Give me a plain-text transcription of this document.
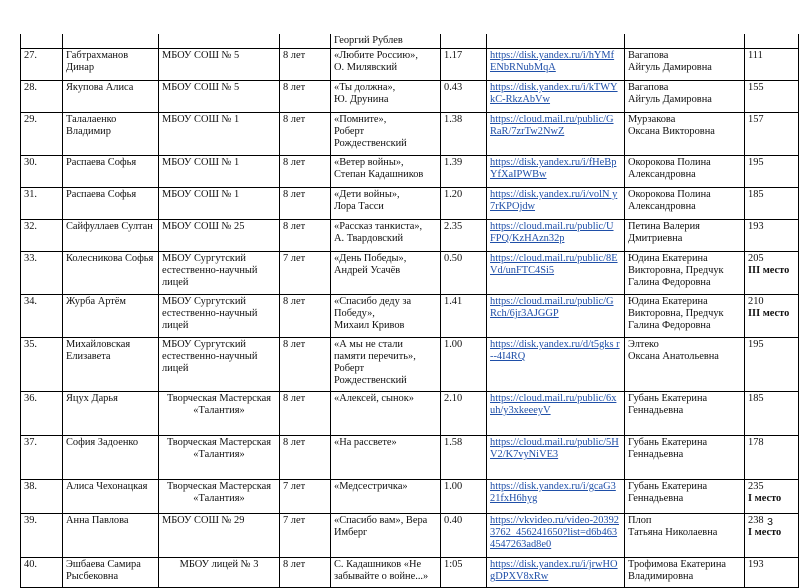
				Георгий Рублев				
27.	Габтрахманов Динар	МБОУ СОШ № 5	8 лет	«Любите Россию»,
О. Милявский	1.17	https://disk.yandex.ru/i/hYMf ENbRNubMqA	Вагапова
Айгуль Дамировна	111
28.	Якупова Алиса	МБОУ СОШ № 5	8 лет	«Ты должна»,
Ю. Друнина	0.43	https://disk.yandex.ru/i/kTWY kC-RkzAbVw	Вагапова
Айгуль Дамировна	155
29.	Талалаенко Владимир	МБОУ СОШ № 1	8 лет	«Помните»,
Роберт
Рождественский	1.38	https://cloud.mail.ru/public/G RaR/7zrTw2NwZ	Мурзакова
Оксана Викторовна	157
30.	Распаева Софья	МБОУ СОШ № 1	8 лет	«Ветер войны»,
Степан Кадашников	1.39	https://disk.yandex.ru/i/fHeBp YfXaIPWBw	Окорокова Полина
Александровна	195
31.	Распаева Софья	МБОУ СОШ № 1	8 лет	«Дети войны»,
Лора Тасси	1.20	https://disk.yandex.ru/i/volN y7rKPOjdw	Окорокова Полина
Александровна	185
32.	Сайфуллаев Султан	МБОУ СОШ № 25	8 лет	«Рассказ танкиста»,
А. Твардовский	2.35	https://cloud.mail.ru/public/U FPQ/KzHAzn32p	Петина Валерия
Дмитриевна	193
33.	Колесникова Софья	МБОУ Сургутский естественно-научный лицей	7 лет	«День Победы»,
Андрей Усачёв	0.50	https://cloud.mail.ru/public/8E Vd/unFTC4Si5	Юдина Екатерина
Викторовна, Предчук
Галина Федоровна	205
III место
34.	Журба Артём	МБОУ Сургутский естественно-научный лицей	8 лет	«Спасибо деду за
Победу»,
Михаил Кривов	1.41	https://cloud.mail.ru/public/G Rch/6jr3AJGGP	Юдина Екатерина
Викторовна, Предчук
Галина Федоровна	210
III место
35.	Михайловская Елизавета	МБОУ Сургутский естественно-научный лицей	8 лет	«А мы не стали
памяти перечить»,
Роберт
Рождественский	1.00	https://disk.yandex.ru/d/t5gks r--4I4RQ	Элтеко
Оксана Анатольевна	195
36.	Яцух Дарья	Творческая Мастерская «Талантия»	8 лет	«Алексей, сынок»	2.10	https://cloud.mail.ru/public/6x uh/y3xkeeeyV	Губань Екатерина
Геннадьевна	185
37.	София Задоенко	Творческая Мастерская «Талантия»	8 лет	«На рассвете»	1.58	https://cloud.mail.ru/public/5H V2/K7vyNiVE3	Губань Екатерина
Геннадьевна	178
38.	Алиса Чехонацкая	Творческая Мастерская «Талантия»	7 лет	«Медсестричка»	1.00	https://disk.yandex.ru/i/gcaG3 21fxH6hyg	Губань Екатерина
Геннадьевна	235
I место
39.	Анна Павлова	МБОУ СОШ № 29	7 лет	«Спасибо вам», Вера
Имберг	0.40	https://vkvideo.ru/video-203923762_456241650?list=d6b4634547263ad8e0	Плоп
Татьяна Николаевна	238
I место
40.	Эшбаева Самира Рысбековна	МБОУ лицей № 3	8 лет	С. Кадашников «Не
забывайте о войне...»	1:05	https://disk.yandex.ru/i/jrwHO gDPXV8xRw	Трофимова Екатерина
Владимировна	193
3
